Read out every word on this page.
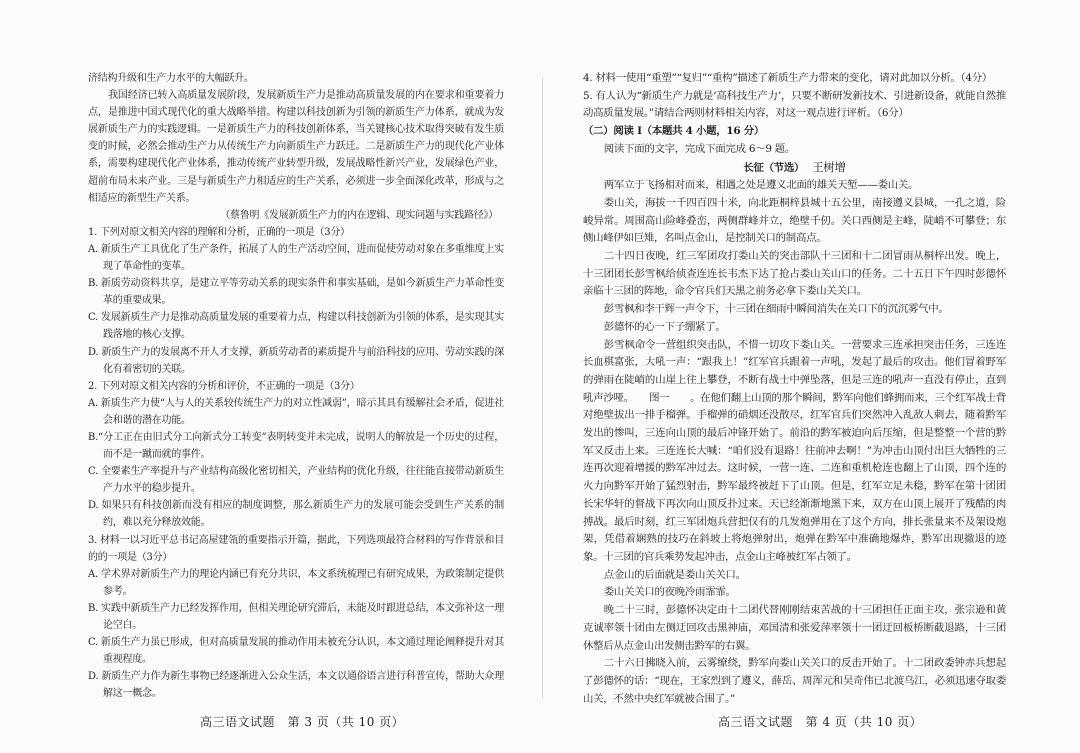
济结构升级和生产力水平的大幅跃升。
我国经济已转入高质量发展阶段，发展新质生产力是推动高质量发展的内在要求和重要着力点，是推进中国式现代化的重大战略举措。构建以科技创新为引领的新质生产力体系，就成为发展新质生产力的实践逻辑。一是新质生产力的科技创新体系，当关键核心技术取得突破有发生质变的时候，必然会推动生产力从传统生产力向新质生产力跃迁。二是新质生产力的现代化产业体系，需要构建现代化产业体系，推动传统产业转型升级，发展战略性新兴产业，发展绿色产业，超前布局未来产业。三是与新质生产力相适应的生产关系，必须进一步全面深化改革，形成与之相适应的新型生产关系。
（蔡鲁明《发展新质生产力的内在逻辑、现实问题与实践路径》）
1. 下列对原文相关内容的理解和分析，正确的一项是（3分）
A. 新质生产工具优化了生产条件，拓展了人的生产活动空间，进而促使劳动对象在多重维度上实现了革命性的变革。
B. 新质劳动资料共享，是建立平等劳动关系的现实条件和事实基础，是如今新质生产力革命性变革的重要成果。
C. 发展新质生产力是推动高质量发展的重要着力点，构建以科技创新为引领的体系，是实现其实践落地的核心支撑。
D. 新质生产力的发展离不开人才支撑，新质劳动者的素质提升与前沿科技的应用、劳动实践的深化有着密切的关联。
2. 下列对原文相关内容的分析和评价，不正确的一项是（3分）
A. 新质生产力使“人与人的关系较传统生产力的对立性减弱”，暗示其具有缓解社会矛盾，促进社会和谐的潜在功能。
B.“分工正在由旧式分工向新式分工转变”表明转变并未完成，说明人的解放是一个历史的过程，而不是一蹴而就的事件。
C. 全要素生产率提升与产业结构高级化密切相关，产业结构的优化升级，往往能直接带动新质生产力水平的稳步提升。
D. 如果只有科技创新而没有相应的制度调整，那么新质生产力的发展可能会受到生产关系的制约，难以充分释放效能。
3. 材料一以习近平总书记高屋建瓴的重要指示开篇，据此，下列选项最符合材料的写作背景和目的的一项是（3分）
A. 学术界对新质生产力的理论内涵已有充分共识，本文系统梳理已有研究成果，为政策制定提供参考。
B. 实践中新质生产力已经发挥作用，但相关理论研究滞后，未能及时跟进总结，本文弥补这一理论空白。
C. 新质生产力虽已形成，但对高质量发展的推动作用未被充分认识，本文通过理论阐释提升对其重视程度。
D. 新质生产力作为新生事物已经逐渐进入公众生活，本文以通俗语言进行科普宣传，帮助大众理解这一概念。
4. 材料一使用“重塑”“复归”“重构”描述了新质生产力带来的变化，请对此加以分析。（4分）
5. 有人认为“新质生产力就是‘高科技生产力’，只要不断研发新技术、引进新设备，就能自然推动高质量发展。”请结合两则材料相关内容，对这一观点进行评析。（6分）
（二）阅读 Ⅰ（本题共 4 小题，16 分）
阅读下面的文字，完成下面完成 6～9 题。
长征（节选） 王树增
两军立于飞扬相对而来，相遇之处是遵义北面的雄关天堑——娄山关。
娄山关，海拔一千四百四十米，向北距桐梓县城十五公里，南接遵义县城，一孔之道，险峻异常。周围高山险峰叠峦，两侧群峰并立，绝壁千仞。关口西侧是主峰，陡峭不可攀登；东侧山峰伊如巨雉，名叫点金山，是控制关口的制高点。
二十四日夜晚，红三军团攻打娄山关的突击部队十三团和十二团冒雨从桐梓出发。晚上，十三团团长彭雪枫给侦查连连长韦杰下达了抢占娄山关山口的任务。二十五日下午四时彭德怀亲临十三团的阵地，命令官兵们天黑之前务必拿下娄山关关口。
彭雪枫和李干辉一声令下，十三团在细雨中瞬间消失在关口下的沉沉雾气中。
彭德怀的心一下子绷紧了。
彭雪枫命令一营组织突击队，不惜一切攻下娄山关。一营要求三连承担突击任务，三连连长血棋富张，大吼一声：“跟我上！”红军官兵跟着一声吼，发起了最后的攻击。他们冒着野军的弹雨在陡峭的山崖上往上攀登，不断有战士中弹坠落，但是三连的吼声一直没有停止，直到吼声沙哑。　　图一　　。在他们翻上山顶的那个瞬间，黔军向他们蜂拥而来，三个红军战士背对绝壁拔出一排手榴弹。手榴弹的硝烟还没散尽，红军官兵们突然冲入乱敌人刺去，随着黔军发出的惨叫，三连向山顶的最后冲锋开始了。前沿的黔军被迫向后压缩，但是整整一个营的黔军又反击上来。三连连长大喊：“咱们没有退路！往前冲去啊！”为冲击山顶付出巨大牺牲的三连再次迎着增援的黔军冲过去。这时候，一营一连、二连和重机枪连也翻上了山顶，四个连的火力向黔军开始了猛烈射击，黔军最终被赶下了山顶。但是，红军立足未稳，黔军在第十团团长宋华轩的督战下再次向山顶反扑过来。天已经渐渐地黑下来，双方在山顶上展开了残酷的肉搏战。最后时刻，红三军团炮兵营把仅有的几发炮弹用在了这个方向，排长张量来不及架设炮架，凭借着娴熟的技巧在斜坡上将炮弹射出，炮弹在黔军中准确地爆炸，黔军出现撤退的迹象。十三团的官兵乘势发起冲击，点金山主峰被红军占领了。
点金山的后面就是娄山关关口。
娄山关关口的夜晚冷雨霏霏。
晚二十三时，彭德怀决定由十二团代替刚刚结束苦战的十三团担任正面主攻，张宗逊和黄克诚率领十团由左侧迂回攻击黑神庙，邓国清和张爱萍率领十一团迂回板桥断截退路，十三团休整后从点金山出发侧击黔军的右翼。
二十六日拂晓入前，云雾缭绕，黔军向娄山关关口的反击开始了。十二团政委钟赤兵想起了彭德怀的话：“现在，王家烈到了遵义，薛岳、周浑元和吴奇伟已北渡乌江，必须迅速夺取娄山关，不然中央红军就被合围了。”
高三语文试题　第 3 页（共 10 页）	高三语文试题　第 4 页（共 10 页）
